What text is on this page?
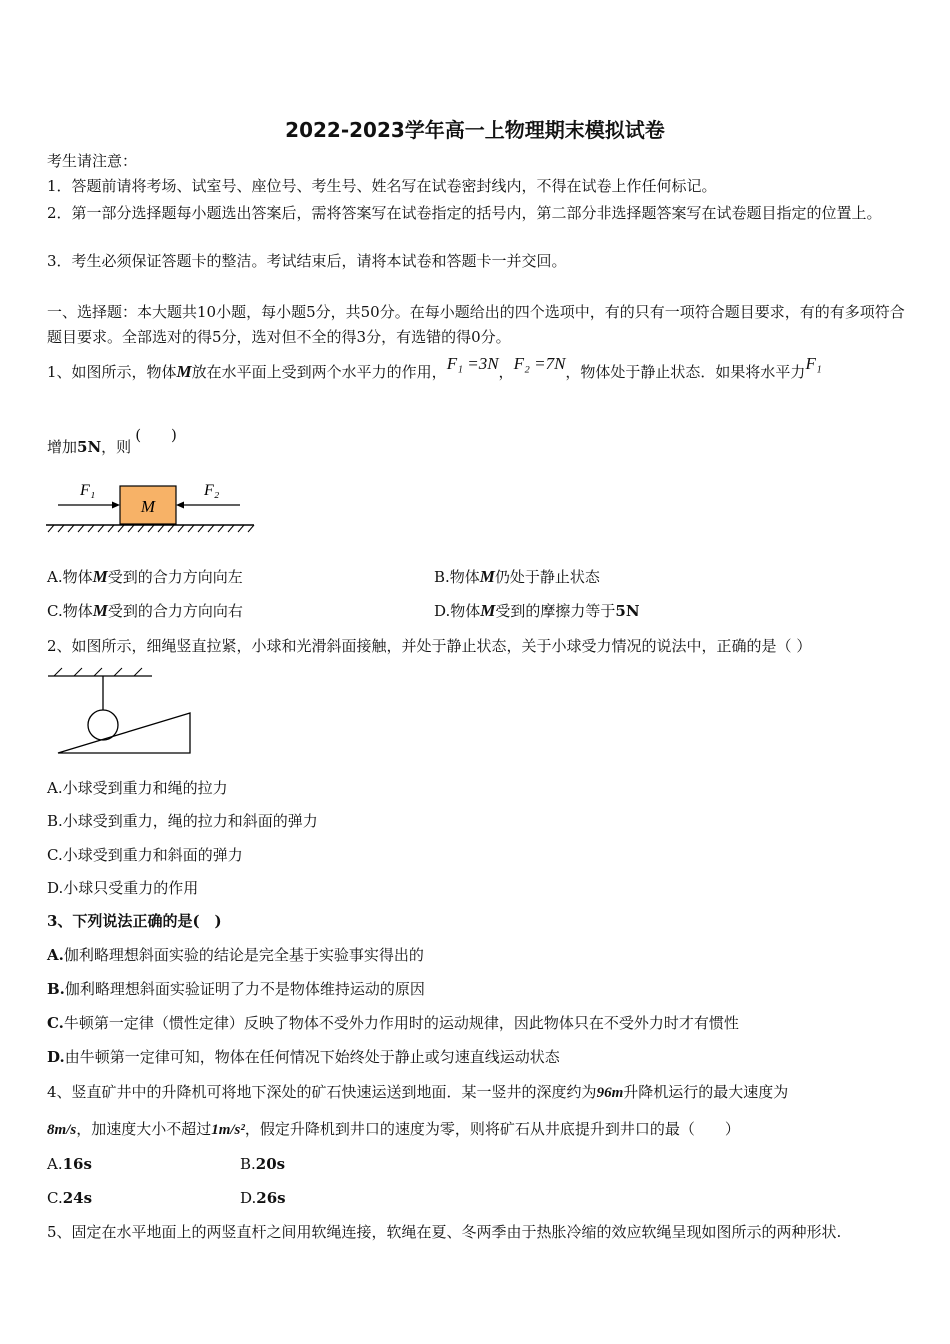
2022-2023学年高一上物理期末模拟试卷
考生请注意：
1．答题前请将考场、试室号、座位号、考生号、姓名写在试卷密封线内，不得在试卷上作任何标记。
2．第一部分选择题每小题选出答案后，需将答案写在试卷指定的括号内，第二部分非选择题答案写在试卷题目指定的位置上。
3．考生必须保证答题卡的整洁。考试结束后，请将本试卷和答题卡一并交回。
一、选择题：本大题共10小题，每小题5分，共50分。在每小题给出的四个选项中，有的只有一项符合题目要求，有的有多项符合题目要求。全部选对的得5分，选对但不全的得3分，有选错的得0分。
1、如图所示，物体M放在水平面上受到两个水平力的作用，F₁ =3N，F₂ =7N，物体处于静止状态．如果将水平力F₁
增加5N，则(　　)
M
F₁	F₂
A.物体M受到的合力方向向左	B.物体M仍处于静止状态
C.物体M受到的合力方向向右	D.物体M受到的摩擦力等于5N
2、如图所示，细绳竖直拉紧，小球和光滑斜面接触，并处于静止状态，关于小球受力情况的说法中，正确的是（ ）
A.小球受到重力和绳的拉力
B.小球受到重力，绳的拉力和斜面的弹力
C.小球受到重力和斜面的弹力
D.小球只受重力的作用
3、下列说法正确的是(　)
A.伽利略理想斜面实验的结论是完全基于实验事实得出的
B.伽利略理想斜面实验证明了力不是物体维持运动的原因
C.牛顿第一定律（惯性定律）反映了物体不受外力作用时的运动规律，因此物体只在不受外力时才有惯性
D.由牛顿第一定律可知，物体在任何情况下始终处于静止或匀速直线运动状态
4、竖直矿井中的升降机可将地下深处的矿石快速运送到地面．某一竖井的深度约为96m升降机运行的最大速度为
8m/s，加速度大小不超过1m/s²，假定升降机到井口的速度为零，则将矿石从井底提升到井口的最（　　）
A.16s	B.20s
C.24s	D.26s
5、固定在水平地面上的两竖直杆之间用软绳连接，软绳在夏、冬两季由于热胀冷缩的效应软绳呈现如图所示的两种形状.
